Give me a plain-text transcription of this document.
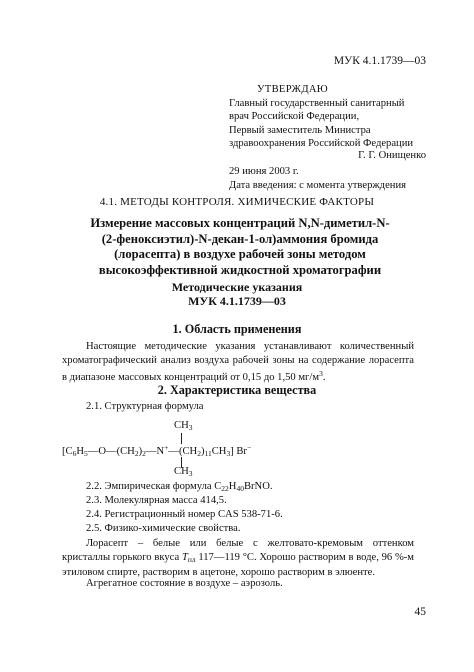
МУК 4.1.1739—03
УТВЕРЖДАЮ
Главный государственный санитарный
врач Российской Федерации,
Первый заместитель Министра
здравоохранения Российской Федерации
Г. Г. Онищенко
29 июня 2003 г.
Дата введения: с момента утверждения
4.1. МЕТОДЫ КОНТРОЛЯ. ХИМИЧЕСКИЕ ФАКТОРЫ
Измерение массовых концентраций N,N-диметил-N-
(2-феноксиэтил)-N-декан-1-ол)аммония бромида
(лорасепта) в воздухе рабочей зоны методом
высокоэффективной жидкостной хроматографии
Методические указания
МУК 4.1.1739—03
1. Область применения
Настоящие методические указания устанавливают количественный хроматографический анализ воздуха рабочей зоны на содержание лорасепта в диапазоне массовых концентраций от 0,15 до 1,50 $мг/м^3$.
2. Характеристика вещества
2.1. Структурная формула
$CH_3$
$[C_6H_5—O—(CH_2)_2—N^+—(CH_2)_{11}CH_3]$ Br−
$CH_3$
2.2. Эмпирическая формула $C_{22}H_{40}BrNO$.
2.3. Молекулярная масса 414,5.
2.4. Регистрационный номер CAS 538-71-6.
2.5. Физико-химические свойства.
Лорасепт – белые или белые с желтовато-кремовым оттенком кристаллы горького вкуса $T_{пл}$ 117—119 °С. Хорошо растворим в воде, 96 %-м этиловом спирте, растворим в ацетоне, хорошо растворим в элюенте.
Агрегатное состояние в воздухе – аэрозоль.
45
